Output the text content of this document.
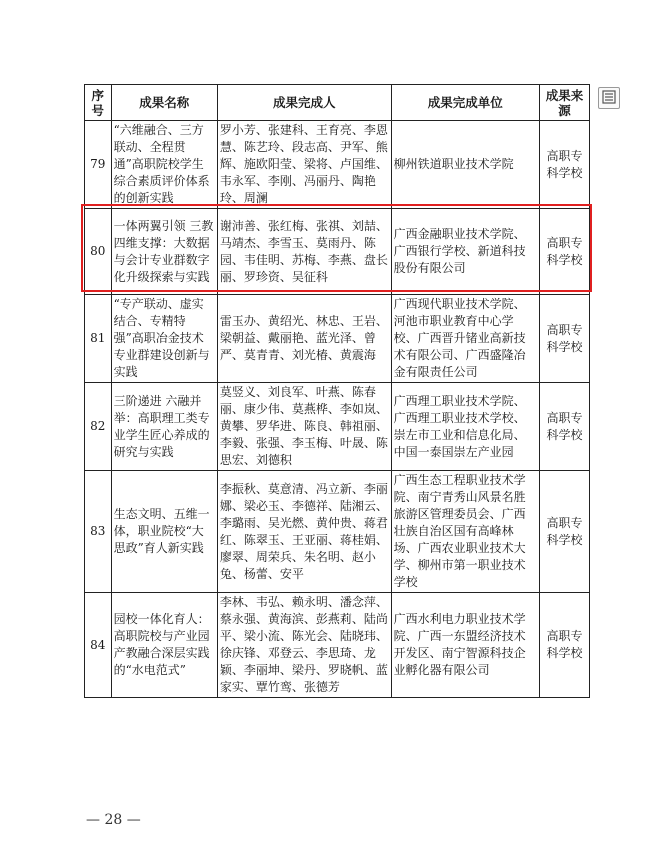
序号	成果名称	成果完成人	成果完成单位	成果来源
79	“六维融合、三方联动、全程贯通”高职院校学生综合素质评价体系的创新实践	罗小芳、张建科、王育亮、李恩慧、陈艺玲、段志高、尹军、熊辉、施欧阳莹、梁将、卢国维、韦永军、李刚、冯丽丹、陶艳玲、周澜	柳州铁道职业技术学院	高职专科学校
80	一体两翼引领 三教四维支撑：大数据与会计专业群数字化升级探索与实践	谢沛善、张红梅、张祺、刘喆、马靖杰、李雪玉、莫雨丹、陈园、韦佳明、苏梅、李燕、盘长丽、罗珍资、吴征科	广西金融职业技术学院、广西银行学校、新道科技股份有限公司	高职专科学校
81	“专产联动、虚实结合、专精特强”高职冶金技术专业群建设创新与实践	雷玉办、黄绍光、林忠、王岩、梁朝益、戴丽艳、蓝光泽、曾严、莫青青、刘光椿、黄震海	广西现代职业技术学院、河池市职业教育中心学校、广西晋升锗业高新技术有限公司、广西盛隆冶金有限责任公司	高职专科学校
82	三阶递进 六融并举：高职理工类专业学生匠心养成的研究与实践	莫竖义、刘良军、叶燕、陈春丽、康少伟、莫燕桦、李如岚、黄攀、罗华进、陈良、韩祖丽、李毅、张强、李玉梅、叶晟、陈思宏、刘德积	广西理工职业技术学院、广西理工职业技术学校、崇左市工业和信息化局、中国一泰国崇左产业园	高职专科学校
83	生态文明、五维一体，职业院校“大思政”育人新实践	李振秋、莫意清、冯立新、李丽娜、梁必玉、李德祥、陆湘云、李璐雨、吴光燃、黄仲贵、蒋君红、陈翠玉、王亚丽、蒋桂娟、廖翠、周荣兵、朱名明、赵小兔、杨蕾、安平	广西生态工程职业技术学院、南宁青秀山风景名胜旅游区管理委员会、广西壮族自治区国有高峰林场、广西农业职业技术大学、柳州市第一职业技术学校	高职专科学校
84	园校一体化育人：高职院校与产业园产教融合深层实践的“水电范式”	李林、韦弘、赖永明、潘念萍、蔡永强、黄海滨、彭燕莉、陆尚平、梁小流、陈光会、陆晓玮、徐庆锋、邓登云、李思琦、龙颖、李丽坤、梁丹、罗晓帆、蓝家实、覃竹鸾、张德芳	广西水利电力职业技术学院、广西一东盟经济技术开发区、南宁智源科技企业孵化器有限公司	高职专科学校
— 28 —
